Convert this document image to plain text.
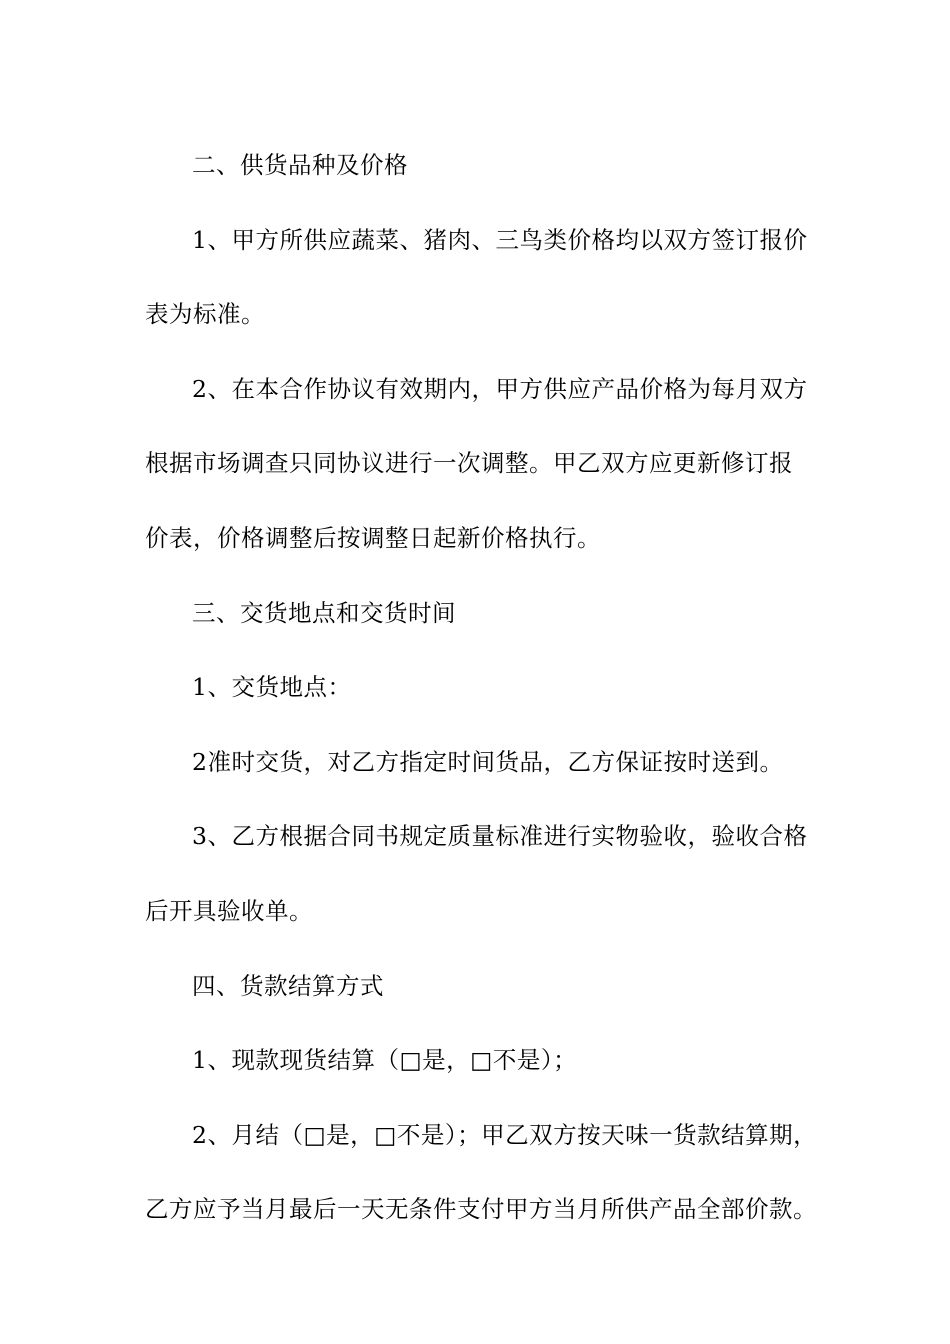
二、供货品种及价格
1、甲方所供应蔬菜、猪肉、三鸟类价格均以双方签订报价
表为标准。
2、在本合作协议有效期内，甲方供应产品价格为每月双方
根据市场调查只同协议进行一次调整。甲乙双方应更新修订报
价表，价格调整后按调整日起新价格执行。
三、交货地点和交货时间
1、交货地点：
2准时交货，对乙方指定时间货品，乙方保证按时送到。
3、乙方根据合同书规定质量标准进行实物验收，验收合格
后开具验收单。
四、货款结算方式
1、现款现货结算（□是，□不是）；
2、月结（□是，□不是）；甲乙双方按天味一货款结算期，
乙方应予当月最后一天无条件支付甲方当月所供产品全部价款。
